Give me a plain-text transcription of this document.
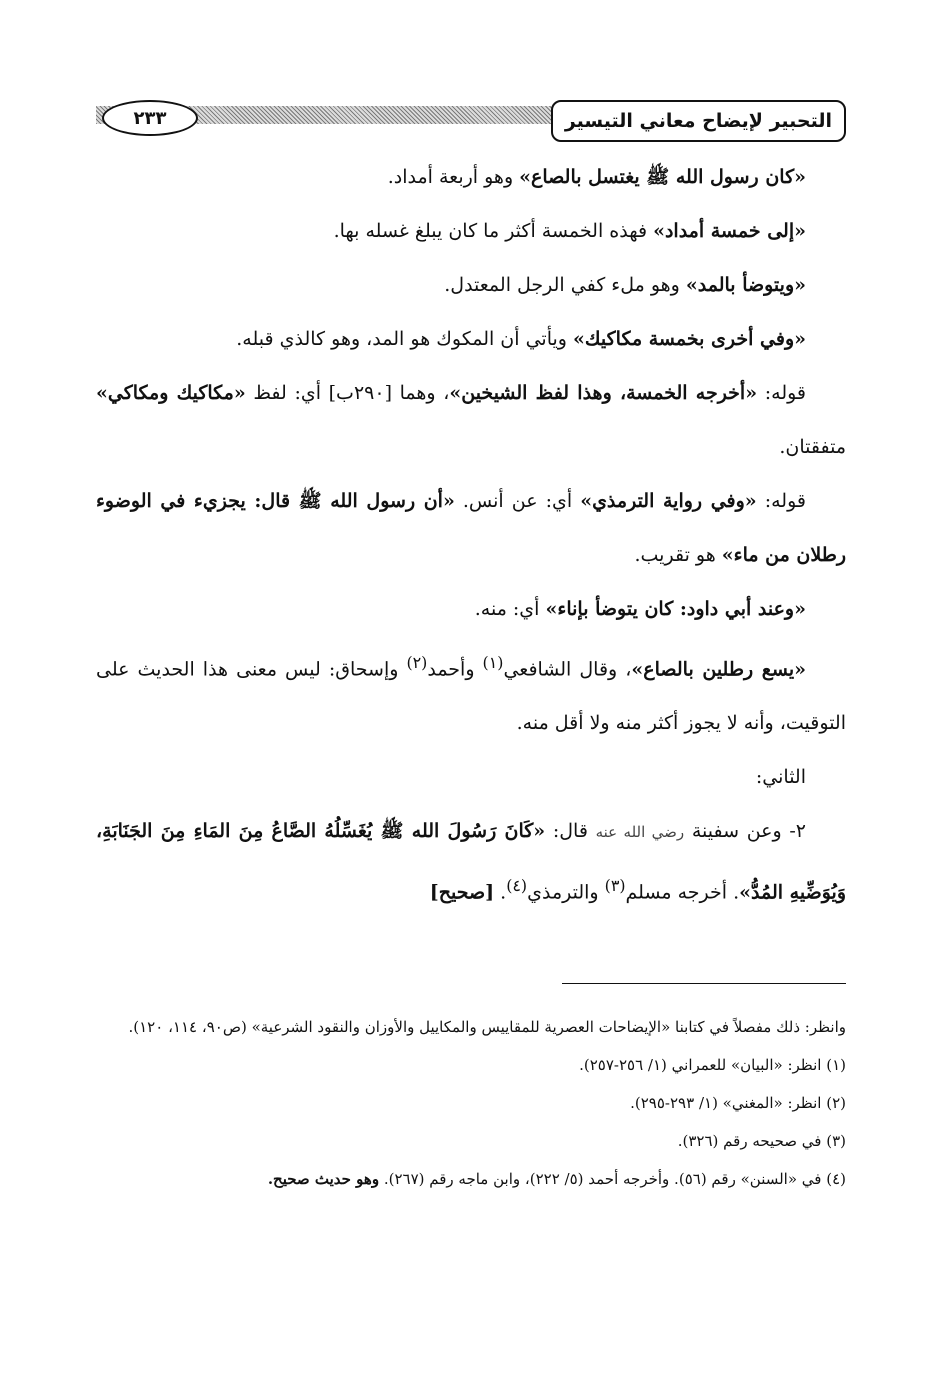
التحبير لإيضاح معاني التيسير
٢٣٣

«كان رسول الله ﷺ يغتسل بالصاع» وهو أربعة أمداد.

«إلى خمسة أمداد» فهذه الخمسة أكثر ما كان يبلغ غسله بها.

«ويتوضأ بالمد» وهو ملء كفي الرجل المعتدل.

«وفي أخرى بخمسة مكاكيك» ويأتي أن المكوك هو المد، وهو كالذي قبله.

قوله: «أخرجه الخمسة، وهذا لفظ الشيخين»، وهما [٢٩٠ب] أي: لفظ «مكاكيك ومكاكي» متفقتان.

قوله: «وفي رواية الترمذي» أي: عن أنس. «أن رسول الله ﷺ قال: يجزيء في الوضوء رطلان من ماء» هو تقريب.

«وعند أبي داود: كان يتوضأ بإناء» أي: منه.

«يسع رطلين بالصاع»، وقال الشافعي$^{(١)}$ وأحمد$^{(٢)}$ وإسحاق: ليس معنى هذا الحديث على التوقيت، وأنه لا يجوز أكثر منه ولا أقل منه.

الثاني:

٢- وعن سفينة رضي الله عنه قال: «كَانَ رَسُولَ الله ﷺ يُغَسِّلُهُ الصَّاعُ مِنَ المَاءِ مِنَ الجَنَابَةِ، وَيُوَضِّيهِ المُدُّ». أخرجه مسلم$^{(٣)}$ والترمذي$^{(٤)}$. [صحيح]

وانظر: ذلك مفصلاً في كتابنا «الإيضاحات العصرية للمقاييس والمكاييل والأوزان والنقود الشرعية» (ص٩٠، ١١٤، ١٢٠).

(١) انظر: «البيان» للعمراني (١/ ٢٥٦-٢٥٧).

(٢) انظر: «المغني» (١/ ٢٩٣-٢٩٥).

(٣) في صحيحه رقم (٣٢٦).

(٤) في «السنن» رقم (٥٦). وأخرجه أحمد (٥/ ٢٢٢)، وابن ماجه رقم (٢٦٧). وهو حديث صحيح.
